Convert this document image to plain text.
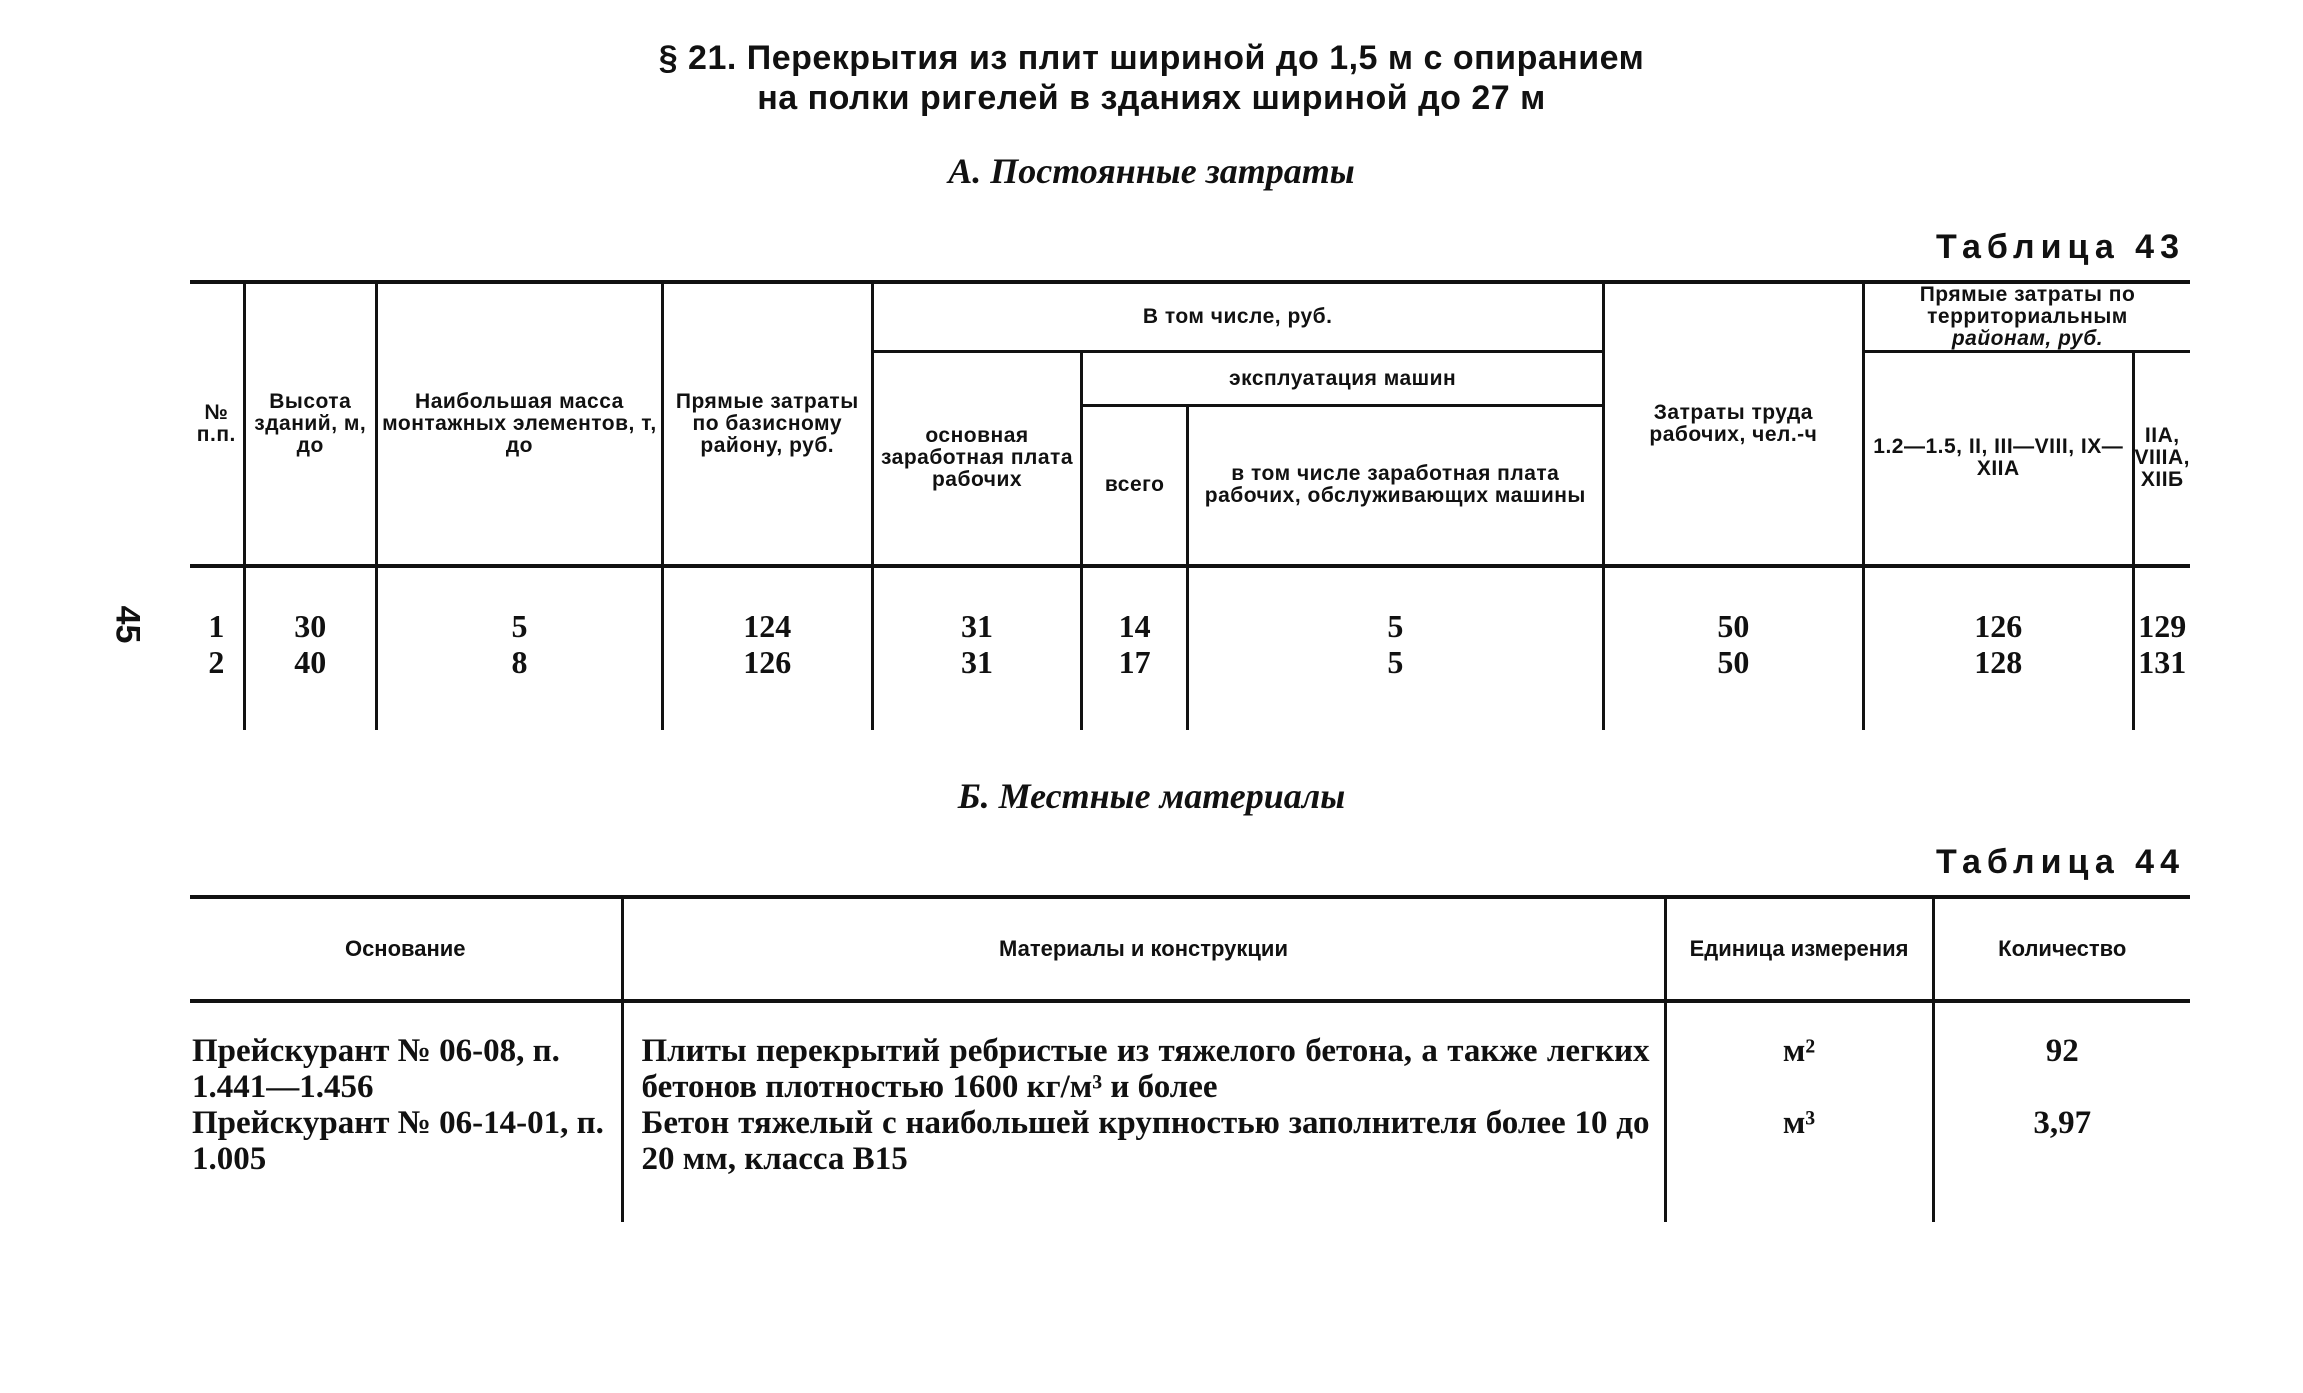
§ 21. Перекрытия из плит шириной до 1,5 м с опиранием
на полки ригелей в зданиях шириной до 27 м
А. Постоянные затраты
Таблица 43
45
№ п.п.	Высота зданий, м, до	Наибольшая масса монтажных элементов, т, до	Прямые затраты по базисному району, руб.	В том числе, руб.			Затраты труда рабочих, чел.-ч	Прямые затраты по территориальным
районам, руб.	

				основная заработная плата рабочих	эксплуатация машин			1.2—1.5, II, III—VIII, IX—XIIА	IIА, VIIIА, XIIБ
					всего	в том числе заработная плата рабочих, обслуживающих машины			
1	30	5	124	31	14	5	50	126	129
2	40	8	126	31	17	5	50	128	131
Б. Местные материалы
Таблица 44
Основание	Материалы и конструкции	Единица измерения	Количество
Прейскурант № 06-08, п. 1.441—1.456	Плиты перекрытий ребристые из тяжелого бетона, а также легких бетонов плотностью 1600 кг/м³ и более	м²	92
Прейскурант № 06-14-01, п. 1.005	Бетон тяжелый с наибольшей крупностью заполнителя более 10 до 20 мм, класса В15	м³	3,97
